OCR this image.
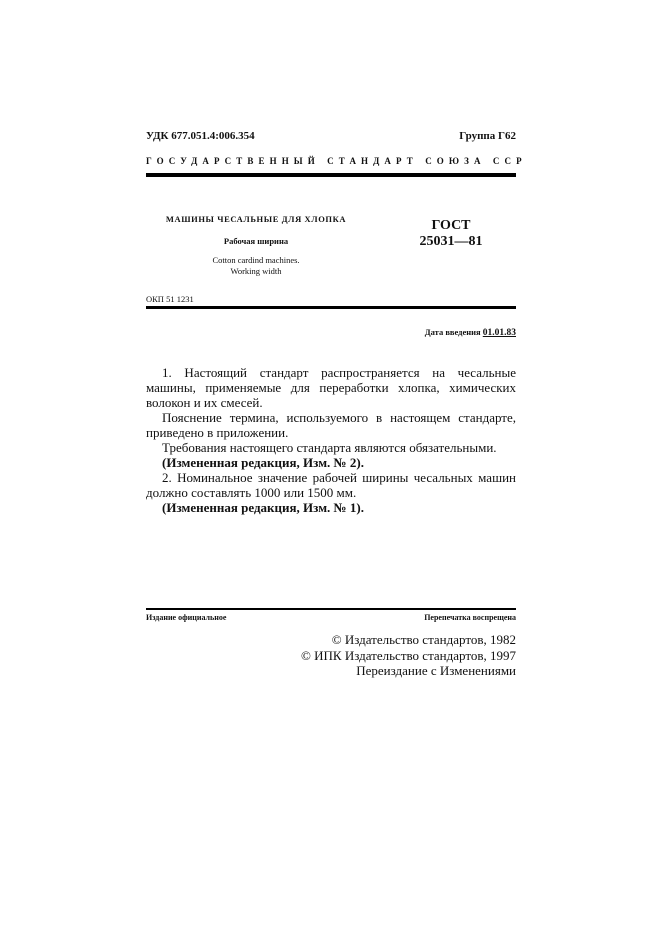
УДК 677.051.4:006.354	Группа Г62
ГОСУДАРСТВЕННЫЙ СТАНДАРТ СОЮЗА ССР
МАШИНЫ ЧЕСАЛЬНЫЕ ДЛЯ ХЛОПКА
Рабочая ширина
Cotton cardind machines.
Working width
ГОСТ
25031—81
ОКП 51 1231
Дата введения 01.01.83

1. Настоящий стандарт распространяется на чесальные машины, применяемые для переработки хлопка, химических волокон и их смесей.

Пояснение термина, используемого в настоящем стандарте, приведено в приложении.

Требования настоящего стандарта являются обязательными.

(Измененная редакция, Изм. № 2).

2. Номинальное значение рабочей ширины чесальных машин должно составлять 1000 или 1500 мм.

(Измененная редакция, Изм. № 1).

Издание официальное	Перепечатка воспрещена
© Издательство стандартов, 1982
© ИПК Издательство стандартов, 1997
Переиздание с Изменениями
